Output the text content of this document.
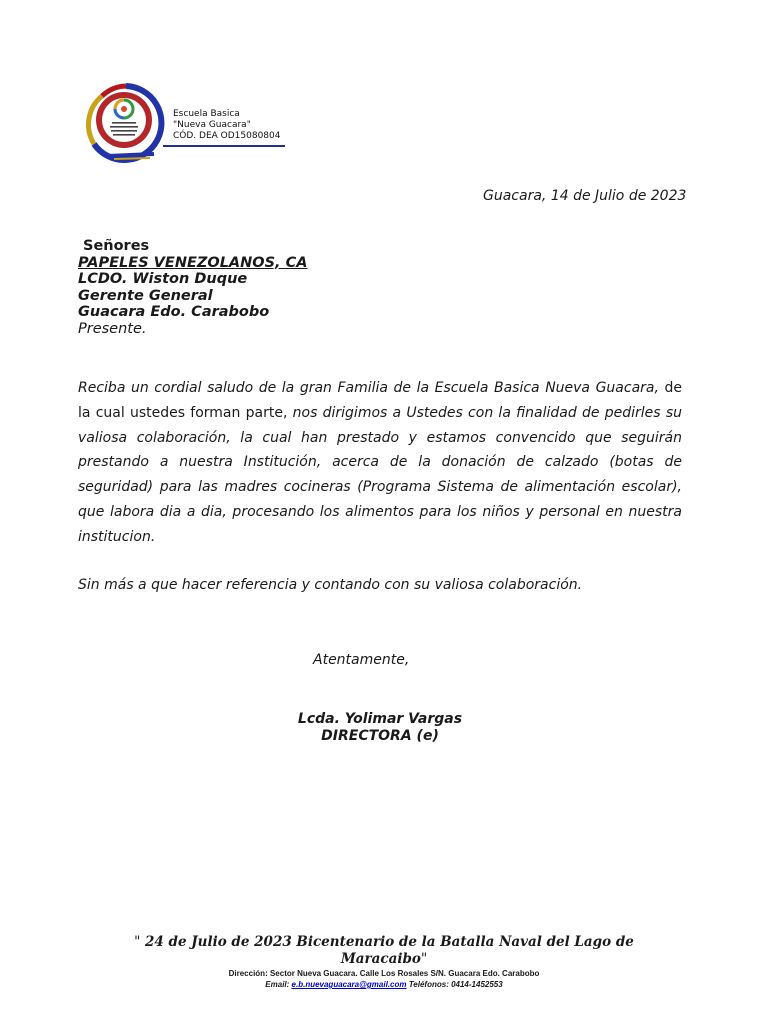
Escuela Basica
"Nueva Guacara"
CÓD. DEA OD15080804
Guacara, 14 de Julio de 2023
Señores
PAPELES VENEZOLANOS, CA
LCDO. Wiston Duque
Gerente General
Guacara Edo. Carabobo
Presente.
Reciba un cordial saludo de la gran Familia de la Escuela Basica Nueva Guacara, de la cual ustedes forman parte, nos dirigimos a Ustedes con la finalidad de pedirles su valiosa colaboración, la cual han prestado y estamos convencido que seguirán prestando a nuestra Institución, acerca de la donación de calzado (botas de seguridad) para las madres cocineras (Programa Sistema de alimentación escolar), que labora dia a dia, procesando los alimentos para los niños y personal en nuestra institucion.
Sin más a que hacer referencia y contando con su valiosa colaboración.
Atentamente,
Lcda. Yolimar Vargas
DIRECTORA (e)
" 24 de Julio de 2023 Bicentenario de la Batalla Naval del Lago de Maracaibo"
Dirección: Sector Nueva Guacara. Calle Los Rosales S/N. Guacara Edo. Carabobo
Email: e.b.nuevaguacara@gmail.com Teléfonos: 0414-1452553
